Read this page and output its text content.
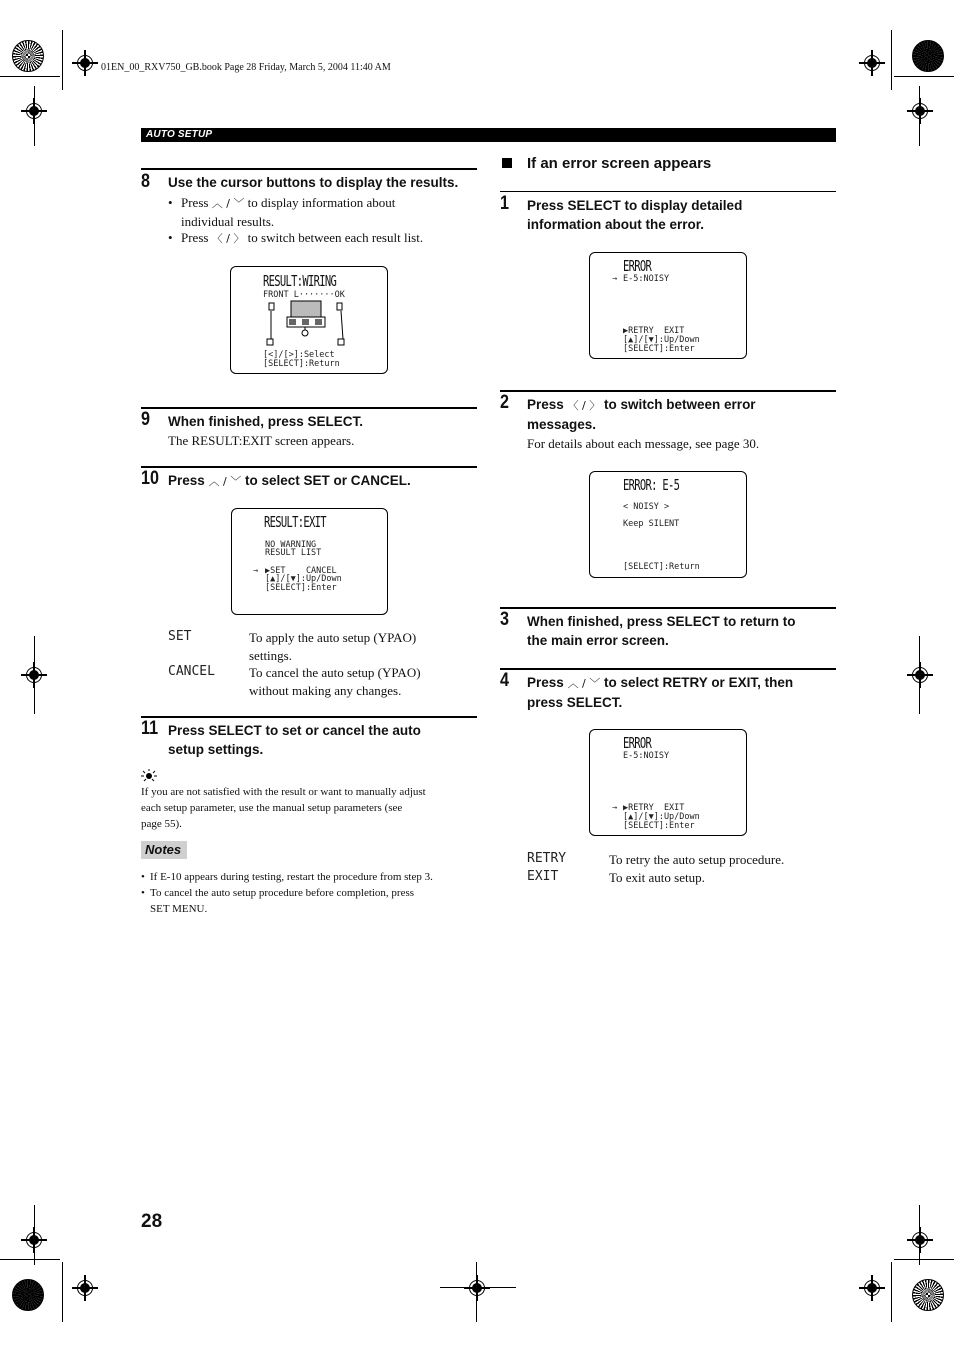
01EN_00_RXV750_GB.book Page 28 Friday, March 5, 2004 11:40 AM
AUTO SETUP
8 Use the cursor buttons to display the results.
• Press ︿ / ﹀ to display information about
individual results.
• Press 〈 / 〉 to switch between each result list.
RESULT:WIRING
FRONT L·······OK
[<]/[>]:Select
[SELECT]:Return
9 When finished, press SELECT.
The RESULT:EXIT screen appears.
10 Press ︿ / ﹀ to select SET or CANCEL.
RESULT:EXIT
NO WARNING
RESULT LIST
→ ▶SET    CANCEL
[▲]/[▼]:Up/Down
[SELECT]:Enter
SET	To apply the auto setup (YPAO)
settings.
CANCEL	To cancel the auto setup (YPAO)
without making any changes.
11 Press SELECT to set or cancel the auto
setup settings.
If you are not satisfied with the result or want to manually adjust
each setup parameter, use the manual setup parameters (see
page 55).
Notes
• If E-10 appears during testing, restart the procedure from step 3.
• To cancel the auto setup procedure before completion, press
SET MENU.
28
If an error screen appears
1 Press SELECT to display detailed
information about the error.
ERROR
→ E-5:NOISY
▶RETRY  EXIT
[▲]/[▼]:Up/Down
[SELECT]:Enter
2 Press 〈 / 〉 to switch between error
messages.
For details about each message, see page 30.
ERROR: E-5
< NOISY >
Keep SILENT
[SELECT]:Return
3 When finished, press SELECT to return to
the main error screen.
4 Press ︿ / ﹀ to select RETRY or EXIT, then
press SELECT.
ERROR
E-5:NOISY
→ ▶RETRY  EXIT
[▲]/[▼]:Up/Down
[SELECT]:Enter
RETRY	To retry the auto setup procedure.
EXIT	To exit auto setup.
